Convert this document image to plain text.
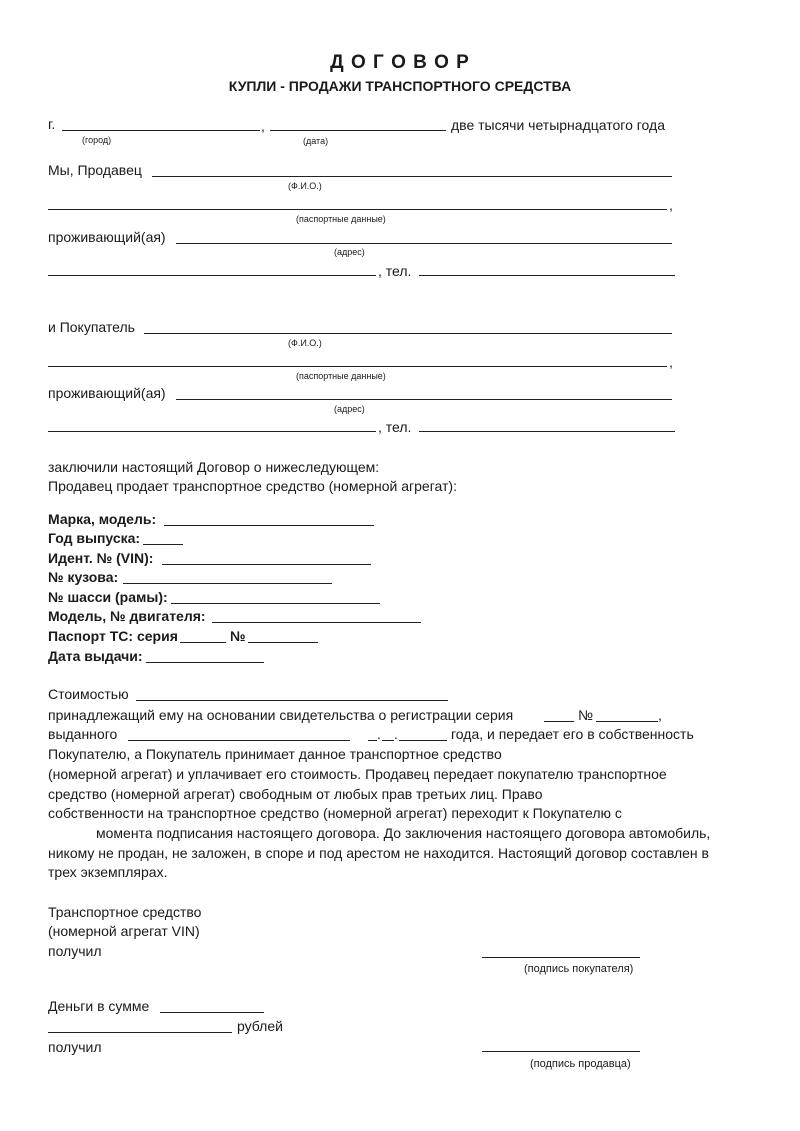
Д О Г О В О Р
КУПЛИ - ПРОДАЖИ ТРАНСПОРТНОГО СРЕДСТВА
г.	,	две тысячи четырнадцатого года
(город)	(дата)
Мы, Продавец
(Ф.И.О.)
,
(паспортные данные)
проживающий(ая)
(адрес)
, тел.
и Покупатель
(Ф.И.О.)
,
(паспортные данные)
проживающий(ая)
(адрес)
, тел.
заключили настоящий Договор о нижеследующем:
Продавец продает транспортное средство (номерной агрегат):
Марка, модель:
Год выпуска:
Идент. № (VIN):
№ кузова:
№ шасси (рамы):
Модель, № двигателя:
Паспорт ТС: серия	№
Дата выдачи:
Стоимостью
принадлежащий ему на основании свидетельства о регистрации серия	№	,
выданного	. .	года, и передает его в собственность
Покупателю, а Покупатель принимает данное транспортное средство
(номерной агрегат) и уплачивает его стоимость. Продавец передает покупателю транспортное
средство (номерной агрегат) свободным от любых прав третьих лиц. Право
собственности на транспортное средство (номерной агрегат) переходит к Покупателю с
момента подписания настоящего договора. До заключения настоящего договора автомобиль,
никому не продан, не заложен, в споре и под арестом не находится. Настоящий договор составлен в
трех экземплярах.
Транспортное средство
(номерной агрегат VIN)
получил
(подпись покупателя)
Деньги в сумме
рублей
получил
(подпись продавца)
